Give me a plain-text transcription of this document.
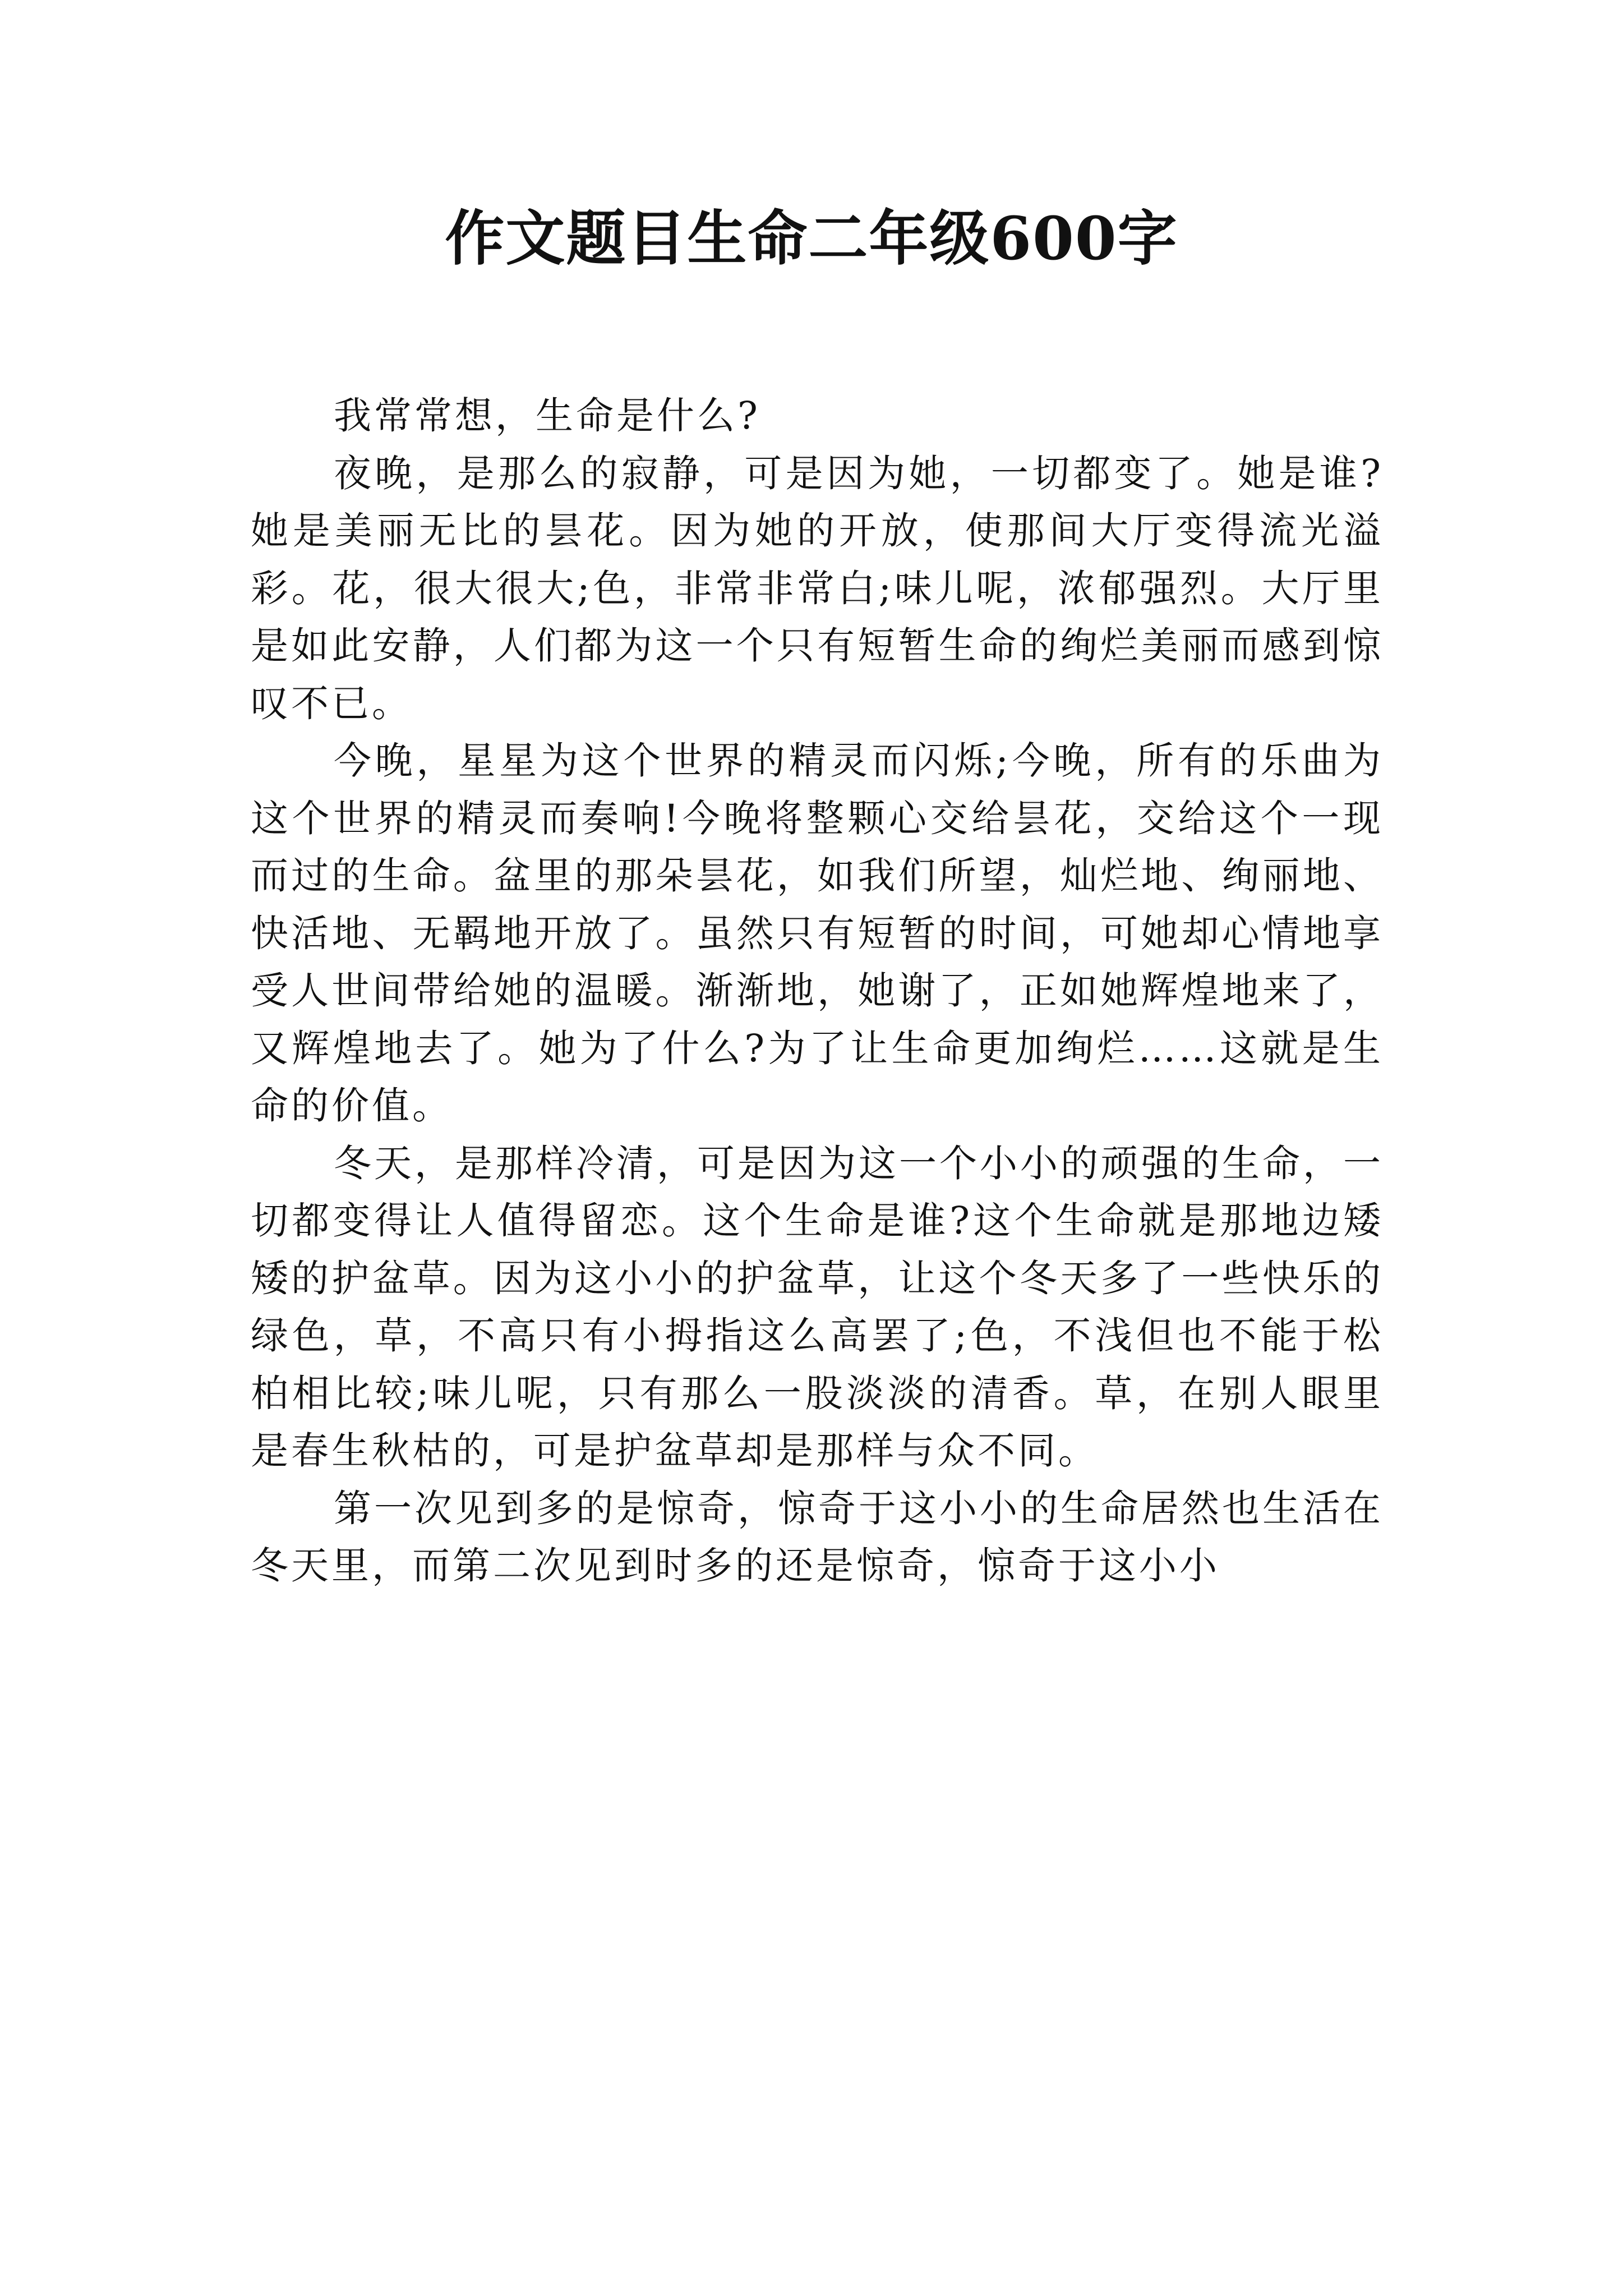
作文题目生命二年级600字

我常常想，生命是什么?

夜晚，是那么的寂静，可是因为她，一切都变了。她是谁?她是美丽无比的昙花。因为她的开放，使那间大厅变得流光溢彩。花，很大很大;色，非常非常白;味儿呢，浓郁强烈。大厅里是如此安静，人们都为这一个只有短暂生命的绚烂美丽而感到惊叹不已。

今晚，星星为这个世界的精灵而闪烁;今晚，所有的乐曲为这个世界的精灵而奏响!今晚将整颗心交给昙花，交给这个一现而过的生命。盆里的那朵昙花，如我们所望，灿烂地、绚丽地、快活地、无羁地开放了。虽然只有短暂的时间，可她却心情地享受人世间带给她的温暖。渐渐地，她谢了，正如她辉煌地来了，又辉煌地去了。她为了什么?为了让生命更加绚烂……这就是生命的价值。

冬天，是那样冷清，可是因为这一个小小的顽强的生命，一切都变得让人值得留恋。这个生命是谁?这个生命就是那地边矮矮的护盆草。因为这小小的护盆草，让这个冬天多了一些快乐的绿色，草，不高只有小拇指这么高罢了;色，不浅但也不能于松柏相比较;味儿呢，只有那么一股淡淡的清香。草，在别人眼里是春生秋枯的，可是护盆草却是那样与众不同。

第一次见到多的是惊奇，惊奇于这小小的生命居然也生活在冬天里，而第二次见到时多的还是惊奇，惊奇于这小小
